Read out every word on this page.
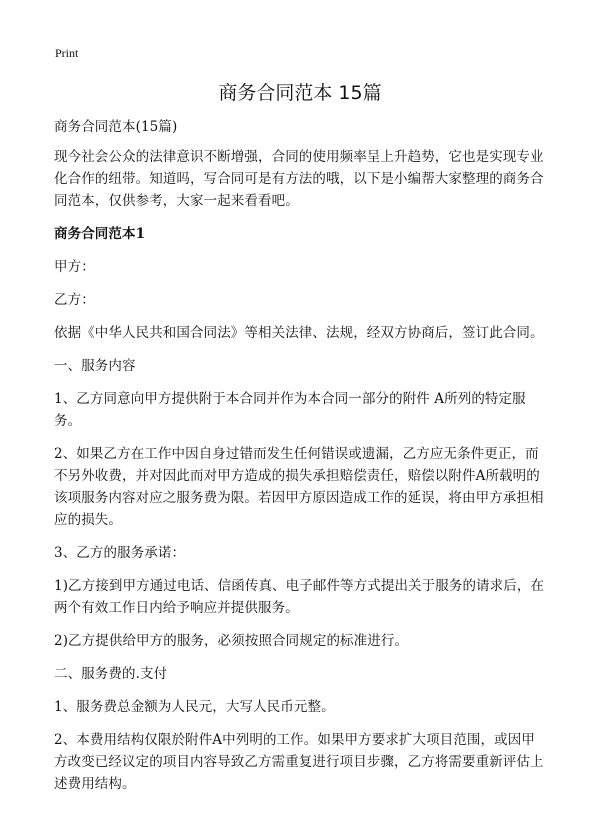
Print
商务合同范本 15篇

商务合同范本(15篇)

现今社会公众的法律意识不断增强，合同的使用频率呈上升趋势，它也是实现专业化合作的纽带。知道吗，写合同可是有方法的哦，以下是小编帮大家整理的商务合同范本，仅供参考，大家一起来看看吧。

商务合同范本1

甲方：

乙方：

依据《中华人民共和国合同法》等相关法律、法规，经双方协商后，签订此合同。

一、服务内容

1、乙方同意向甲方提供附于本合同并作为本合同一部分的附件 A所列的特定服务。

2、如果乙方在工作中因自身过错而发生任何错误或遗漏，乙方应无条件更正，而不另外收费，并对因此而对甲方造成的损失承担赔偿责任，赔偿以附件A所载明的该项服务内容对应之服务费为限。若因甲方原因造成工作的延误，将由甲方承担相应的损失。

3、乙方的服务承诺：

1)乙方接到甲方通过电话、信函传真、电子邮件等方式提出关于服务的请求后，在两个有效工作日内给予响应并提供服务。

2)乙方提供给甲方的服务，必须按照合同规定的标准进行。

二、服务费的.支付

1、服务费总金额为人民元，大写人民币元整。

2、本费用结构仅限於附件A中列明的工作。如果甲方要求扩大项目范围，或因甲方改变已经议定的项目内容导致乙方需重复进行项目步骤，乙方将需要重新评估上述费用结构。
